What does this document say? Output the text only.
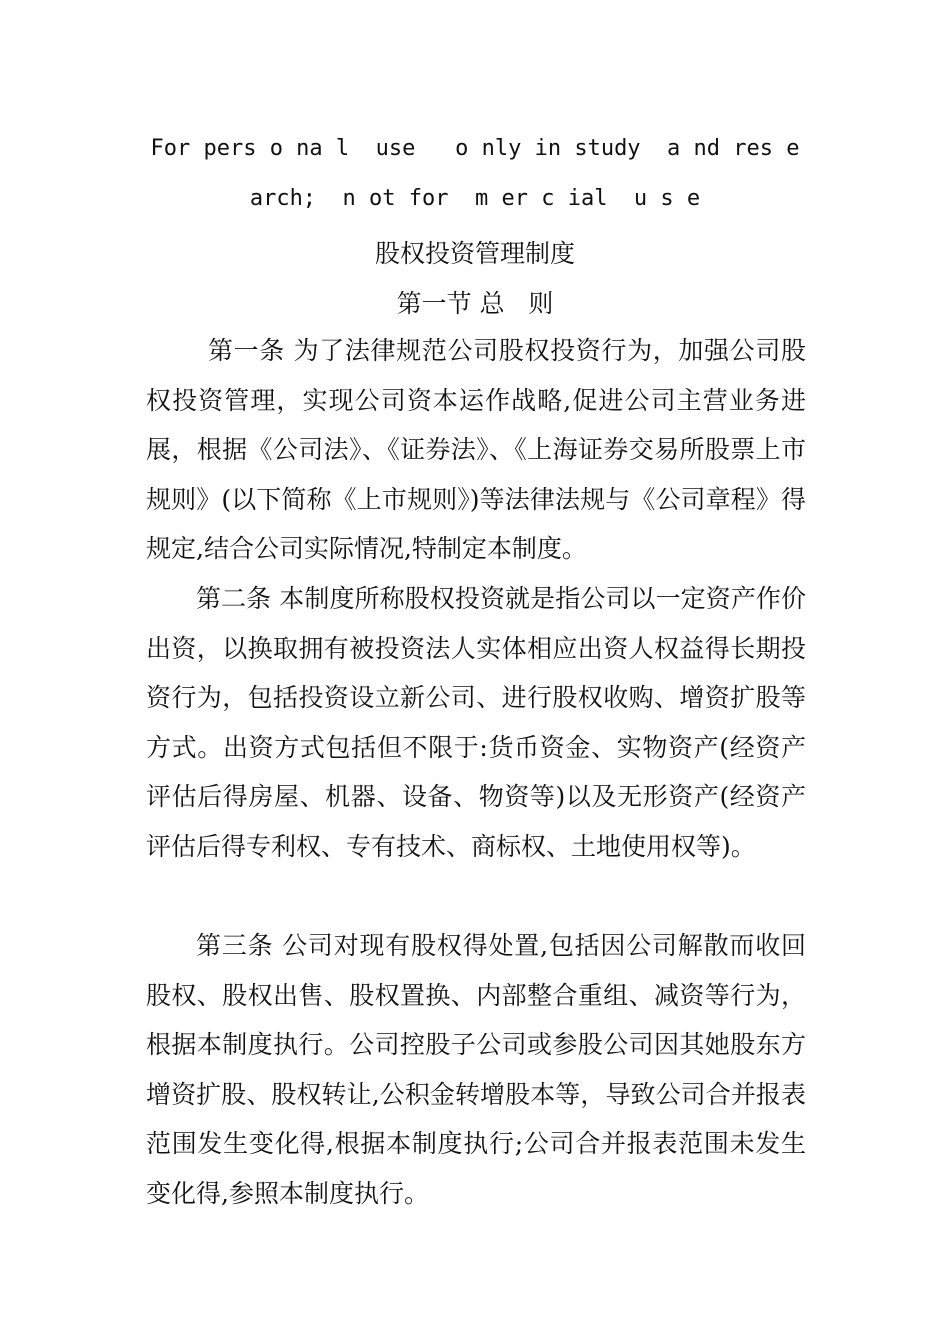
For pers o na l  use   o nly in study  a nd res e
arch;  n ot for  m er c ial  u s e
股权投资管理制度
第一节 总   则

第一条 为了法律规范公司股权投资行为，加强公司股权投资管理，实现公司资本运作战略,促进公司主营业务进展，根据《公司法》、《证券法》、《上海证券交易所股票上市规则》(以下简称《上市规则》)等法律法规与《公司章程》得规定,结合公司实际情况,特制定本制度。

第二条 本制度所称股权投资就是指公司以一定资产作价出资，以换取拥有被投资法人实体相应出资人权益得长期投资行为，包括投资设立新公司、进行股权收购、增资扩股等方式。出资方式包括但不限于:货币资金、实物资产(经资产评估后得房屋、机器、设备、物资等)以及无形资产(经资产评估后得专利权、专有技术、商标权、土地使用权等)。

第三条 公司对现有股权得处置,包括因公司解散而收回股权、股权出售、股权置换、内部整合重组、减资等行为，根据本制度执行。公司控股子公司或参股公司因其她股东方增资扩股、股权转让,公积金转增股本等，导致公司合并报表范围发生变化得,根据本制度执行;公司合并报表范围未发生变化得,参照本制度执行。
